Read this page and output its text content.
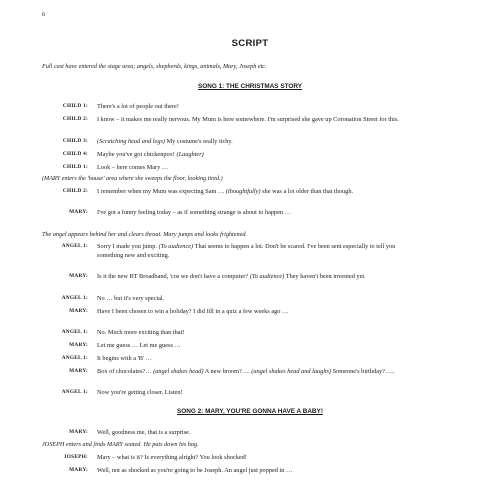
6
SCRIPT
Full cast have entered the stage area; angels, shepherds, kings, animals, Mary, Joseph etc.
SONG 1: THE CHRISTMAS STORY
CHILD 1: There's a lot of people out there!
CHILD 2: I know – it makes me really nervous. My Mum is here somewhere. I'm surprised she gave up Coronation Street for this.
CHILD 3: (Scratching head and legs) My costume's really itchy.
CHILD 4: Maybe you've got chickenpox! (Laughter)
CHILD 1: Look – here comes Mary …
(MARY enters the 'house' area where she sweeps the floor, looking tired.)
CHILD 2: I remember when my Mum was expecting Sam … (thoughtfully) she was a lot older than that though.
MARY: I've got a funny feeling today – as if something strange is about to happen …
The angel appears behind her and clears throat. Mary jumps and looks frightened.
ANGEL 1: Sorry I made you jump. (To audience) That seems to happen a lot. Don't be scared. I've been sent especially to tell you something new and exciting.
MARY: Is it the new BT Broadband, 'cos we don't have a computer? (To audience) They haven't been invented yet.
ANGEL 1: No … but it's very special.
MARY: Have I been chosen to win a holiday? I did fill in a quiz a few weeks ago …
ANGEL 1: No. Much more exciting than that!
MARY: Let me guess … Let me guess …
ANGEL 1: It begins with a 'B' …
MARY: Box of chocolates?… (angel shakes head) A new broom?…. (angel shakes head and laughs) Someone's birthday?…..
ANGEL 1: Now you're getting closer. Listen!
SONG 2: MARY, YOU'RE GONNA HAVE A BABY!
MARY: Well, goodness me, that is a surprise.
JOSEPH enters and finds MARY seated. He puts down his bag.
JOSEPH: Mary – what is it? Is everything alright? You look shocked!
MARY: Well, not as shocked as you're going to be Joseph. An angel just popped in …
